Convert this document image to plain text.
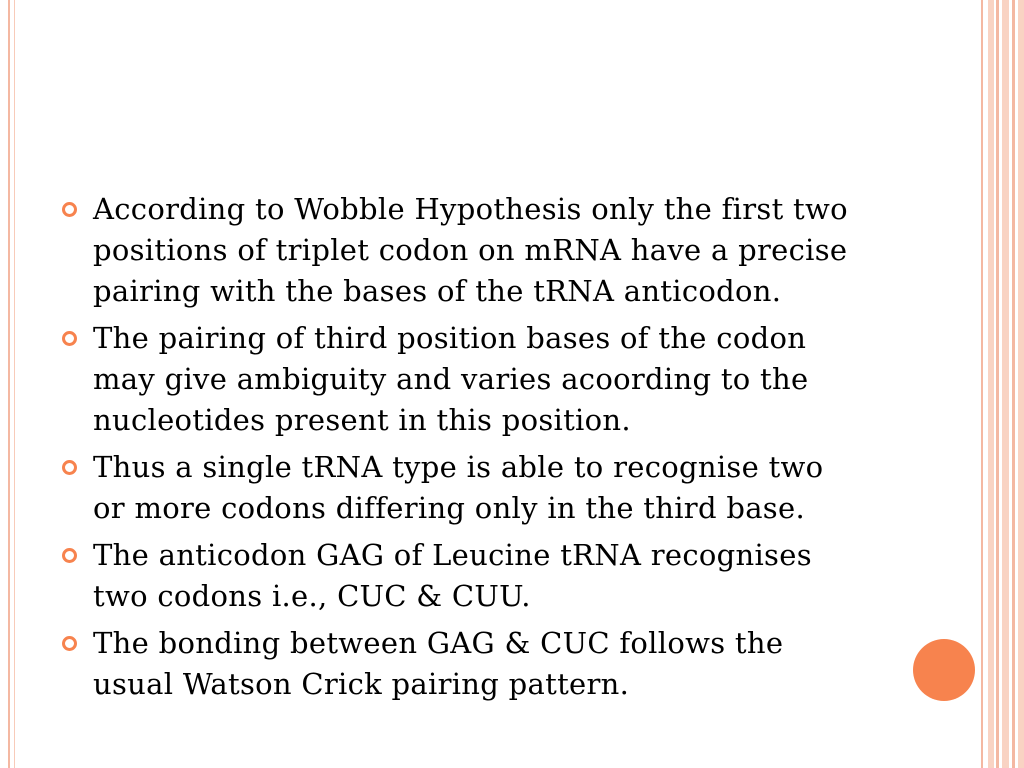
According to Wobble Hypothesis only the first two positions of triplet codon on mRNA have a precise pairing with the bases of the tRNA anticodon.
The pairing of third position bases of the codon may give ambiguity and varies acoording to the nucleotides present in this position.
Thus a single tRNA type is able to recognise two or more codons differing only in the third base.
The anticodon GAG of Leucine tRNA recognises two codons i.e., CUC & CUU.
The bonding between GAG & CUC follows the usual Watson Crick pairing pattern.
